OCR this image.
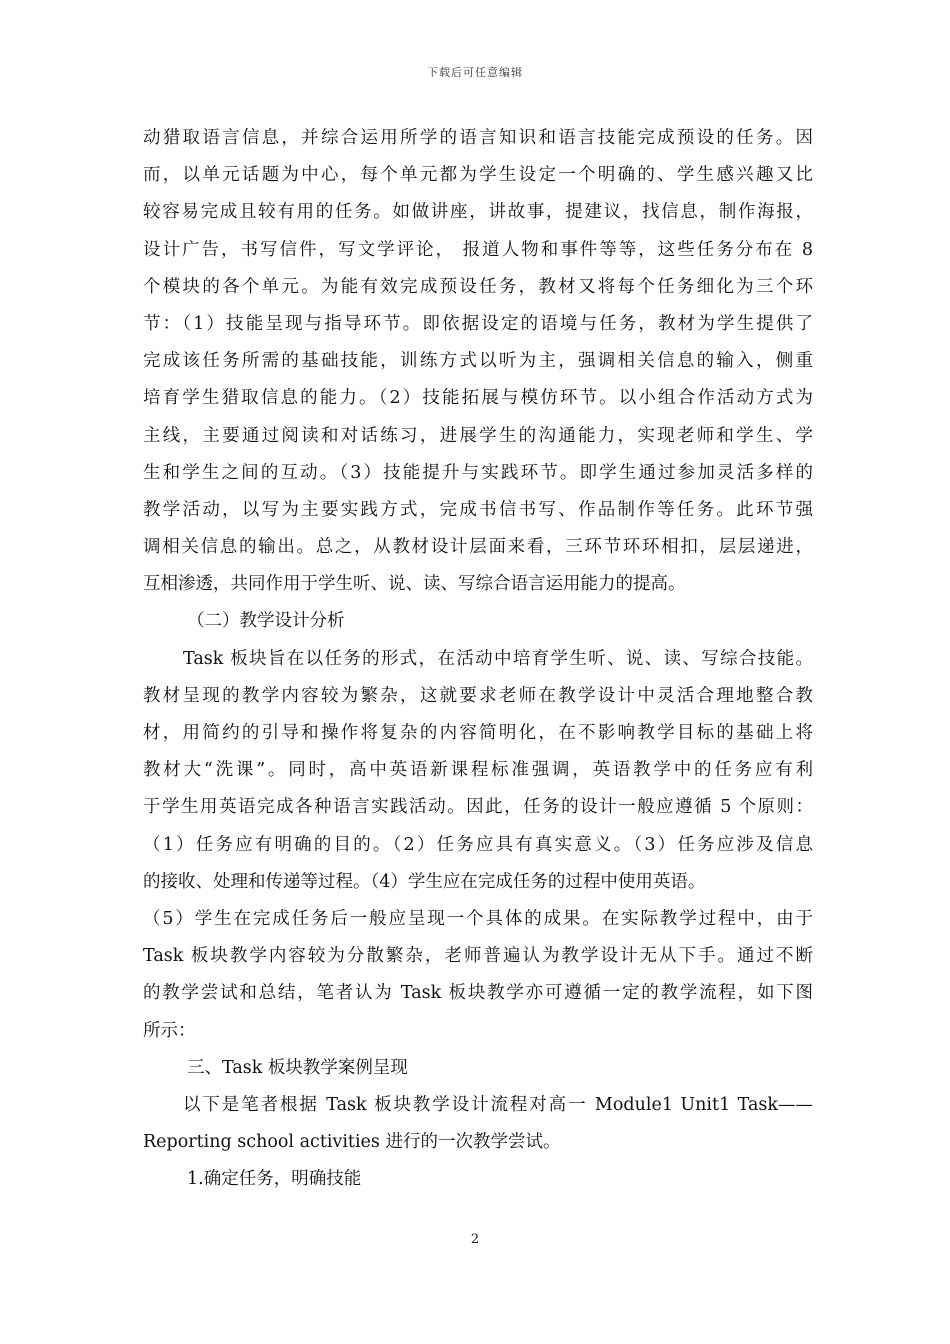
下载后可任意编辑
动猎取语言信息，并综合运用所学的语言知识和语言技能完成预设的任务。因
而，以单元话题为中心，每个单元都为学生设定一个明确的、学生感兴趣又比
较容易完成且较有用的任务。如做讲座，讲故事，提建议，找信息，制作海报，
设计广告，书写信件，写文学评论， 报道人物和事件等等，这些任务分布在 8
个模块的各个单元。为能有效完成预设任务，教材又将每个任务细化为三个环
节：（1）技能呈现与指导环节。即依据设定的语境与任务，教材为学生提供了
完成该任务所需的基础技能，训练方式以听为主，强调相关信息的输入，侧重
培育学生猎取信息的能力。（2）技能拓展与模仿环节。以小组合作活动方式为
主线，主要通过阅读和对话练习，进展学生的沟通能力，实现老师和学生、学
生和学生之间的互动。（3）技能提升与实践环节。即学生通过参加灵活多样的
教学活动，以写为主要实践方式，完成书信书写、作品制作等任务。此环节强
调相关信息的输出。总之，从教材设计层面来看，三环节环环相扣，层层递进，
互相渗透，共同作用于学生听、说、读、写综合语言运用能力的提高。
（二）教学设计分析
Task 板块旨在以任务的形式，在活动中培育学生听、说、读、写综合技能。
教材呈现的教学内容较为繁杂，这就要求老师在教学设计中灵活合理地整合教
材，用简约的引导和操作将复杂的内容简明化，在不影响教学目标的基础上将
教材大“洗课”。同时，高中英语新课程标准强调，英语教学中的任务应有利
于学生用英语完成各种语言实践活动。因此，任务的设计一般应遵循 5 个原则：
（1）任务应有明确的目的。（2）任务应具有真实意义。（3）任务应涉及信息
的接收、处理和传递等过程。（4）学生应在完成任务的过程中使用英语。
（5）学生在完成任务后一般应呈现一个具体的成果。在实际教学过程中，由于
Task 板块教学内容较为分散繁杂，老师普遍认为教学设计无从下手。通过不断
的教学尝试和总结，笔者认为 Task 板块教学亦可遵循一定的教学流程，如下图
所示：
三、Task 板块教学案例呈现
以下是笔者根据 Task 板块教学设计流程对高一 Module1 Unit1 Task——
Reporting school activities 进行的一次教学尝试。
1.确定任务，明确技能
2
